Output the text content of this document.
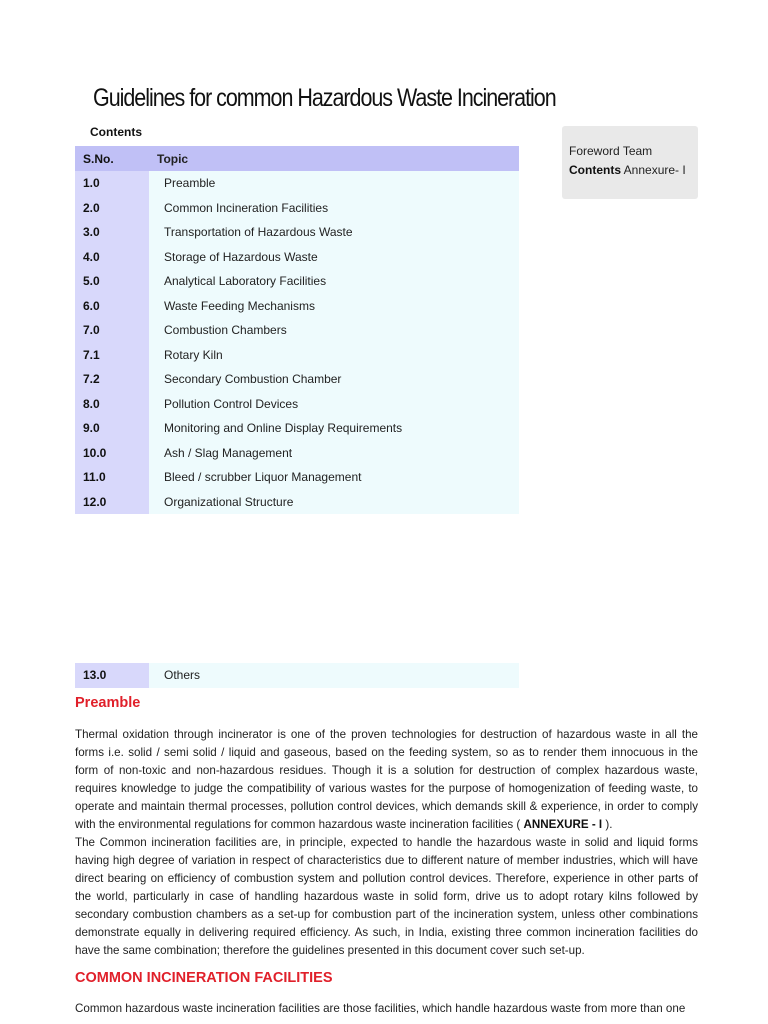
Guidelines for common Hazardous Waste Incineration
Contents
S.No.	Topic
1.0	Preamble
2.0	Common Incineration Facilities
3.0	Transportation of Hazardous Waste
4.0	Storage of Hazardous Waste
5.0	Analytical Laboratory Facilities
6.0	Waste Feeding Mechanisms
7.0	Combustion Chambers
7.1	Rotary Kiln
7.2	Secondary Combustion Chamber
8.0	Pollution Control Devices
9.0	Monitoring and Online Display Requirements
10.0	Ash / Slag Management
11.0	Bleed / scrubber Liquor Management
12.0	Organizational Structure
13.0	Others
Foreword Team
Contents Annexure- I
Preamble

Thermal oxidation through incinerator is one of the proven technologies for destruction of hazardous waste in all the forms i.e. solid / semi solid / liquid and gaseous, based on the feeding system, so as to render them innocuous in the form of non-toxic and non-hazardous residues. Though it is a solution for destruction of complex hazardous waste, requires knowledge to judge the compatibility of various wastes for the purpose of homogenization of feeding waste, to operate and maintain thermal processes, pollution control devices, which demands skill & experience, in order to comply with the environmental regulations for common hazardous waste incineration facilities ( ANNEXURE - I ).

The Common incineration facilities are, in principle, expected to handle the hazardous waste in solid and liquid forms having high degree of variation in respect of characteristics due to different nature of member industries, which will have direct bearing on efficiency of combustion system and pollution control devices. Therefore, experience in other parts of the world, particularly in case of handling hazardous waste in solid form, drive us to adopt rotary kilns followed by secondary combustion chambers as a set-up for combustion part of the incineration system, unless other combinations demonstrate equally in delivering required efficiency. As such, in India, existing three common incineration facilities do have the same combination; therefore the guidelines presented in this document cover such set-up.

COMMON INCINERATION FACILITIES

Common hazardous waste incineration facilities are those facilities, which handle hazardous waste from more than one
